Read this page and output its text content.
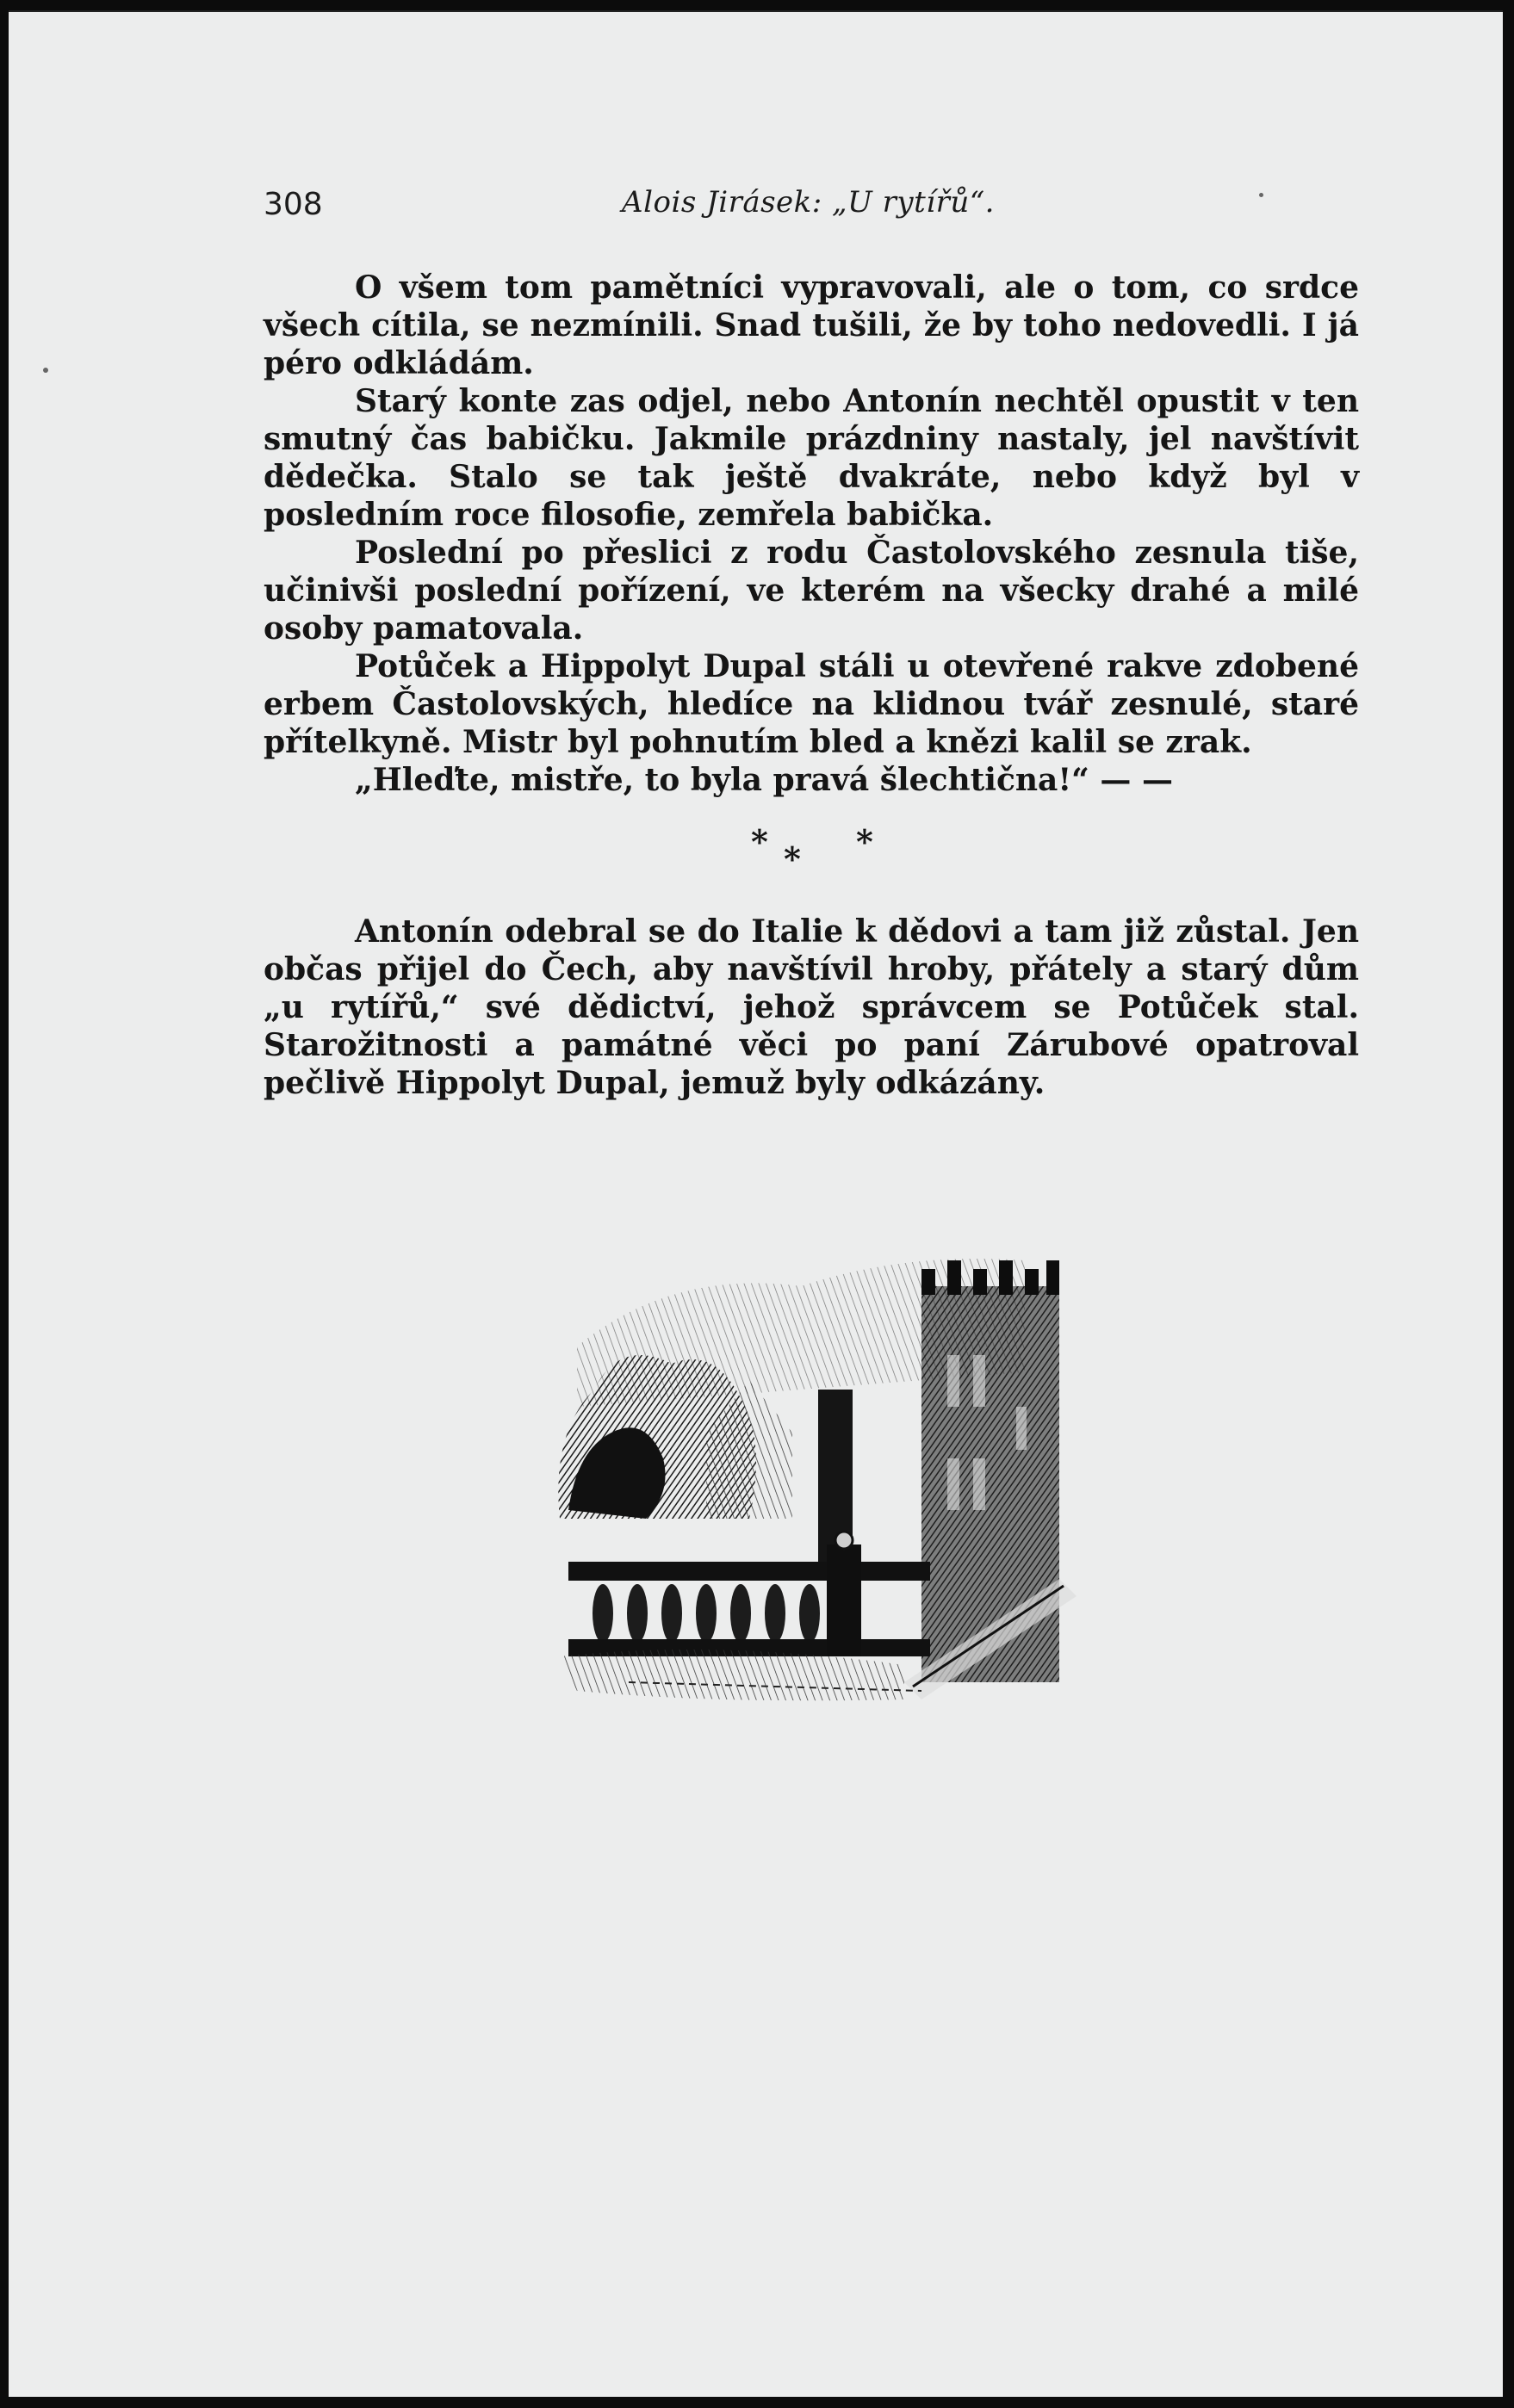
308	Alois Jirásek: „U rytířů“.

O všem tom pamětníci vypravovali, ale o tom, co srdce všech cítila, se nezmínili. Snad tušili, že by toho nedovedli. I já péro odkládám.

Starý konte zas odjel, nebo Antonín nechtěl opustit v ten smutný čas babičku. Jakmile prázdniny nastaly, jel navštívit dědečka. Stalo se tak ještě dvakráte, nebo když byl v posledním roce filosofie, zemřela babička.

Poslední po přeslici z rodu Častolovského zesnula tiše, učinivši poslední pořízení, ve kterém na všecky drahé a milé osoby pamatovala.

Potůček a Hippolyt Dupal stáli u otevřené rakve zdobené erbem Častolovských, hledíce na klidnou tvář zesnulé, staré přítelkyně. Mistr byl pohnutím bled a knězi kalil se zrak.

„Hleďte, mistře, to byla pravá šlechtična!“ — —

* * *

Antonín odebral se do Italie k dědovi a tam již zůstal. Jen občas přijel do Čech, aby navštívil hroby, přátely a starý dům „u rytířů,“ své dědictví, jehož správcem se Potůček stal. Starožitnosti a památné věci po paní Zárubové opatroval pečlivě Hippolyt Dupal, jemuž byly odkázány.
